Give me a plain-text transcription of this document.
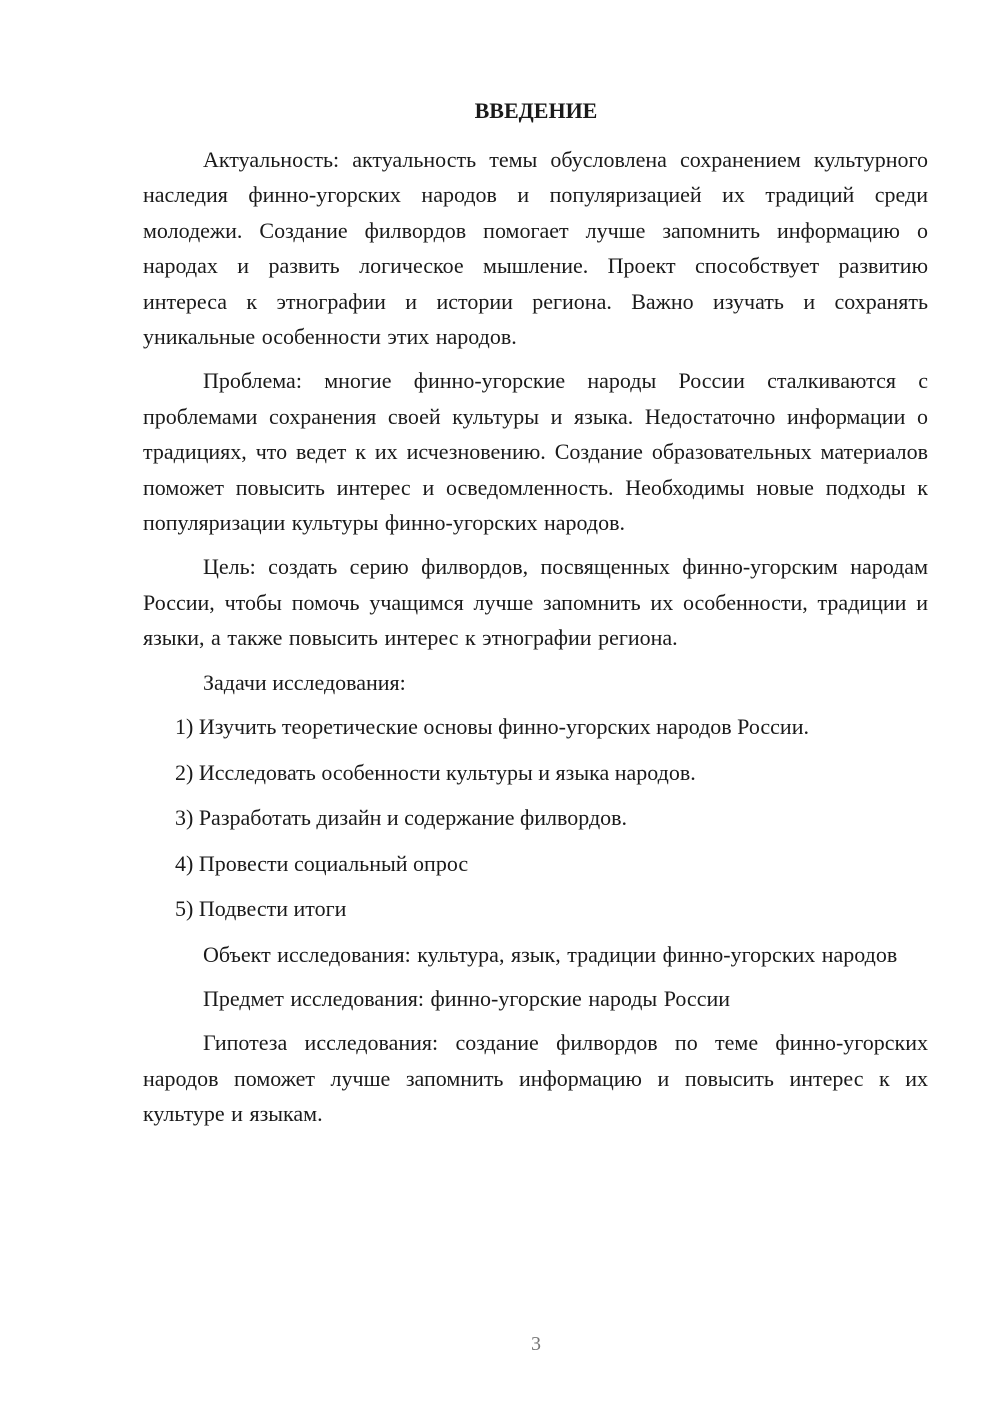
ВВЕДЕНИЕ

Актуальность: актуальность темы обусловлена сохранением культурного наследия финно-угорских народов и популяризацией их традиций среди молодежи. Создание филвордов помогает лучше запомнить информацию о народах и развить логическое мышление. Проект способствует развитию интереса к этнографии и истории региона. Важно изучать и сохранять уникальные особенности этих народов.

Проблема: многие финно-угорские народы России сталкиваются с проблемами сохранения своей культуры и языка. Недостаточно информации о традициях, что ведет к их исчезновению. Создание образовательных материалов поможет повысить интерес и осведомленность. Необходимы новые подходы к популяризации культуры финно-угорских народов.

Цель: создать серию филвордов, посвященных финно-угорским народам России, чтобы помочь учащимся лучше запомнить их особенности, традиции и языки, а также повысить интерес к этнографии региона.

Задачи исследования:

1) Изучить теоретические основы финно-угорских народов России.
2) Исследовать особенности культуры и языка народов.
3) Разработать дизайн и содержание филвордов.
4) Провести социальный опрос
5) Подвести итоги

Объект исследования: культура, язык, традиции финно-угорских народов

Предмет исследования: финно-угорские народы России

Гипотеза исследования: создание филвордов по теме финно-угорских народов поможет лучше запомнить информацию и повысить интерес к их культуре и языкам.

3
